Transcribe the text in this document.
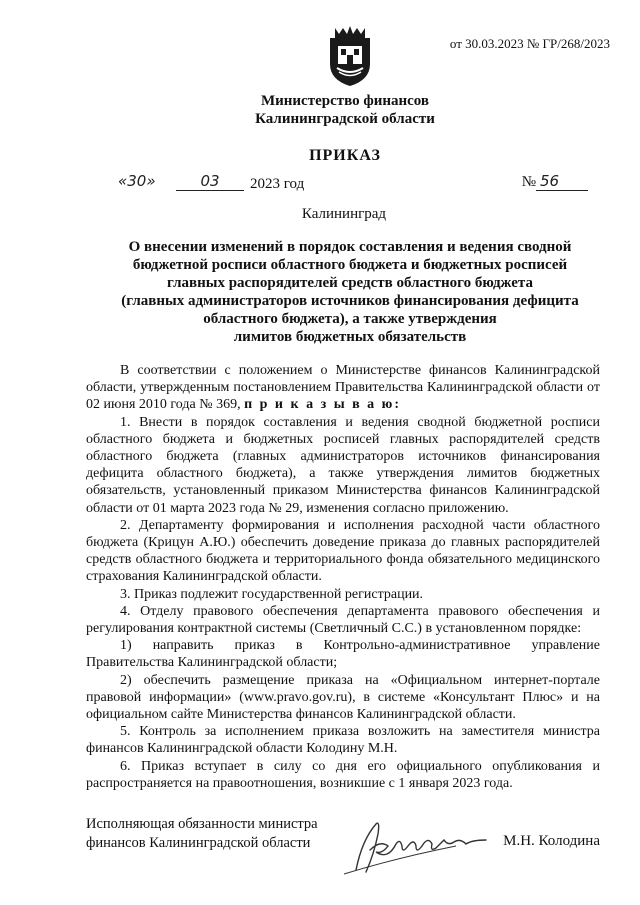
от 30.03.2023 № ГР/268/2023
Министерство финансов
Калининградской области
ПРИКАЗ
«30»	03	2023 год	№ 56
Калининград
О внесении изменений в порядок составления и ведения сводной
бюджетной росписи областного бюджета и бюджетных росписей
главных распорядителей средств областного бюджета
(главных администраторов источников финансирования дефицита
областного бюджета), а также утверждения
лимитов бюджетных обязательств

В соответствии с положением о Министерстве финансов Калининградской области, утвержденным постановлением Правительства Калининградской области от 02 июня 2010 года № 369, п р и к а з ы в а ю:

1. Внести в порядок составления и ведения сводной бюджетной росписи областного бюджета и бюджетных росписей главных распорядителей средств областного бюджета (главных администраторов источников финансирования дефицита областного бюджета), а также утверждения лимитов бюджетных обязательств, установленный приказом Министерства финансов Калининградской области от 01 марта 2023 года № 29, изменения согласно приложению.

2. Департаменту формирования и исполнения расходной части областного бюджета (Крицун А.Ю.) обеспечить доведение приказа до главных распорядителей средств областного бюджета и территориального фонда обязательного медицинского страхования Калининградской области.

3. Приказ подлежит государственной регистрации.

4. Отделу правового обеспечения департамента правового обеспечения и регулирования контрактной системы (Светличный С.С.) в установленном порядке:

1) направить приказ в Контрольно-административное управление Правительства Калининградской области;

2) обеспечить размещение приказа на «Официальном интернет-портале правовой информации» (www.pravo.gov.ru), в системе «Консультант Плюс» и на официальном сайте Министерства финансов Калининградской области.

5. Контроль за исполнением приказа возложить на заместителя министра финансов Калининградской области Колодину М.Н.

6. Приказ вступает в силу со дня его официального опубликования и распространяется на правоотношения, возникшие с 1 января 2023 года.

Исполняющая обязанности министра
финансов Калининградской области	М.Н. Колодина
